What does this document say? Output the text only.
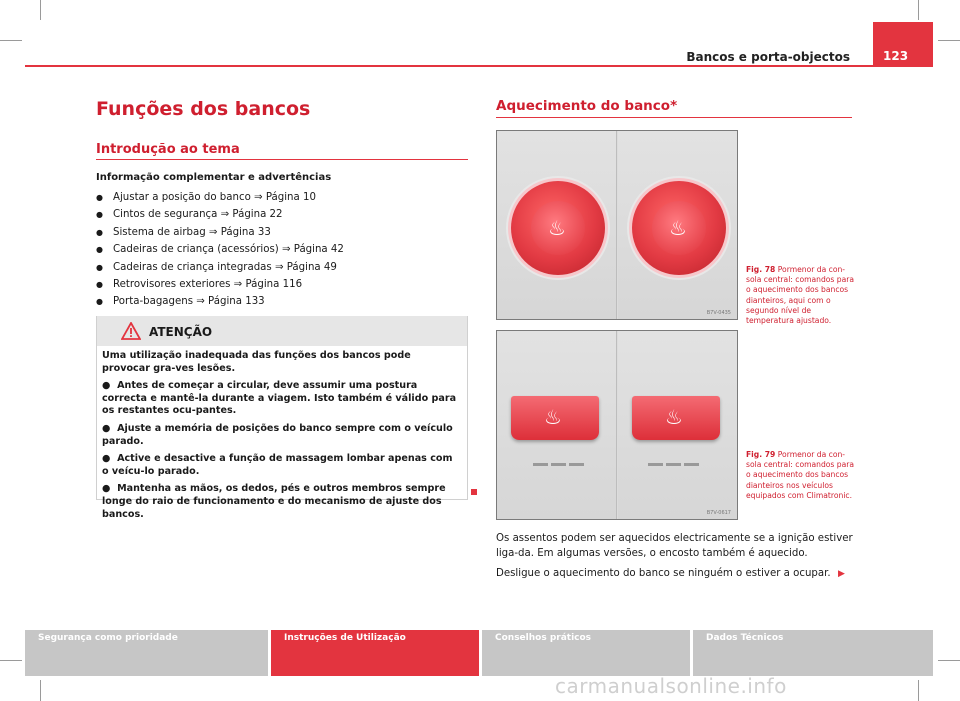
Bancos e porta-objectos	123
Funções dos bancos
Introdução ao tema
Informação complementar e advertências
● Ajustar a posição do banco ⇒ Página 10
● Cintos de segurança ⇒ Página 22
● Sistema de airbag ⇒ Página 33
● Cadeiras de criança (acessórios) ⇒ Página 42
● Cadeiras de criança integradas ⇒ Página 49
● Retrovisores exteriores ⇒ Página 116
● Porta-bagagens ⇒ Página 133
ATENÇÃO

Uma utilização inadequada das funções dos bancos pode provocar gra-ves lesões.

●  Antes de começar a circular, deve assumir uma postura correcta e mantê-la durante a viagem. Isto também é válido para os restantes ocu-pantes.

●  Ajuste a memória de posições do banco sempre com o veículo parado.

●  Active e desactive a função de massagem lombar apenas com o veícu-lo parado.

●  Mantenha as mãos, os dedos, pés e outros membros sempre longe do raio de funcionamento e do mecanismo de ajuste dos bancos.

Aquecimento do banco*
♨	♨
B7V-0435
Fig. 78 Pormenor da con-sola central: comandos para o aquecimento dos bancos dianteiros, aqui com o segundo nível de temperatura ajustado.
♨	♨
B7V-0617
Fig. 79 Pormenor da con-sola central: comandos para o aquecimento dos bancos dianteiros nos veículos equipados com Climatronic.
Os assentos podem ser aquecidos electricamente se a ignição estiver liga-da. Em algumas versões, o encosto também é aquecido.
Desligue o aquecimento do banco se ninguém o estiver a ocupar. ▶
Segurança como prioridade	Instruções de Utilização	Conselhos práticos	Dados Técnicos
carmanualsonline.info
